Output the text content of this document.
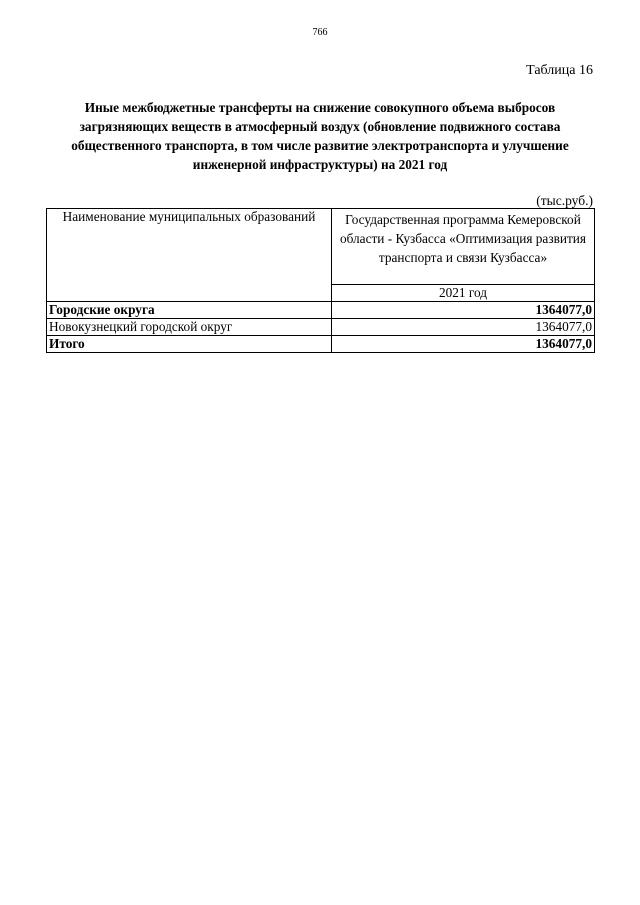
766
Таблица 16
Иные межбюджетные трансферты на снижение совокупного объема выбросов загрязняющих веществ в атмосферный воздух (обновление подвижного состава общественного транспорта, в том числе развитие электротранспорта и улучшение инженерной инфраструктуры) на 2021 год
(тыс.руб.)
Наименование муниципальных образований	Государственная программа Кемеровской области - Кузбасса «Оптимизация развития транспорта и связи Кузбасса»
	2021 год
Городские округа	1364077,0
Новокузнецкий городской округ	1364077,0
Итого	1364077,0
